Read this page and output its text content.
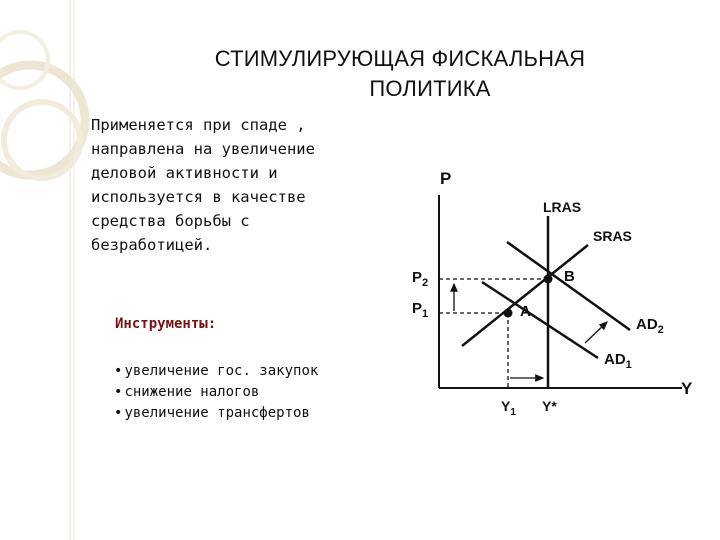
СТИМУЛИРУЮЩАЯ ФИСКАЛЬНАЯ

ПОЛИТИКА
Применяется при спаде ,
направлена на увеличение
деловой активности и
используется в качестве
средства борьбы с
безработицей.
Инструменты:
• увеличение гос. закупок
• снижение налогов
• увеличение трансфертов
P
Y
LRAS
SRAS
$AD_1$
$AD_2$
A
B
$P_2$
$P_1$
$Y_1$ Y*
